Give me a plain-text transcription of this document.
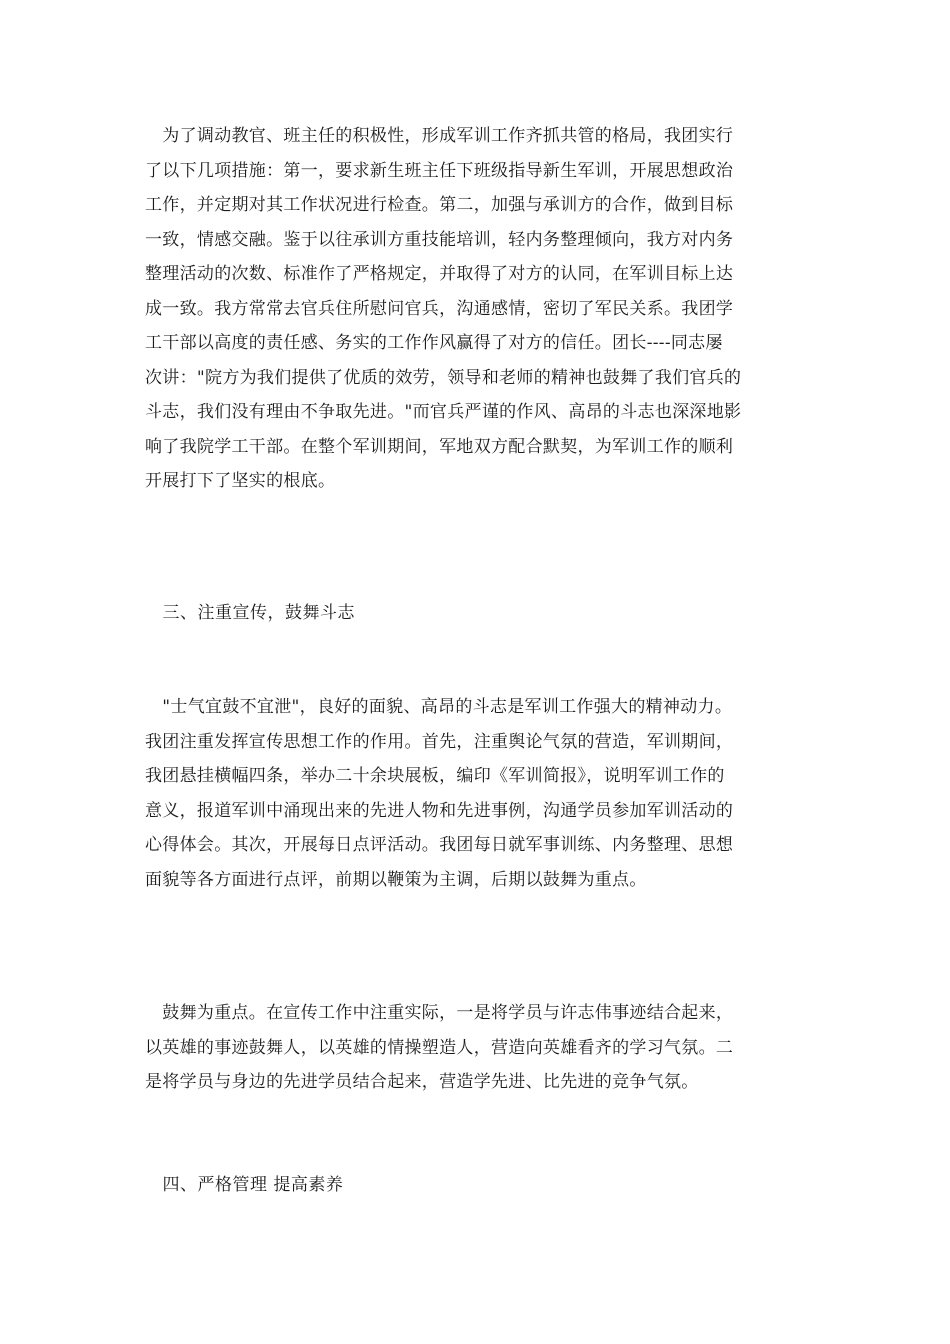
　为了调动教官、班主任的积极性，形成军训工作齐抓共管的格局，我团实行
了以下几项措施：第一，要求新生班主任下班级指导新生军训，开展思想政治
工作，并定期对其工作状况进行检查。第二，加强与承训方的合作，做到目标
一致，情感交融。鉴于以往承训方重技能培训，轻内务整理倾向，我方对内务
整理活动的次数、标准作了严格规定，并取得了对方的认同，在军训目标上达
成一致。我方常常去官兵住所慰问官兵，沟通感情，密切了军民关系。我团学
工干部以高度的责任感、务实的工作作风赢得了对方的信任。团长----同志屡
次讲："院方为我们提供了优质的效劳，领导和老师的精神也鼓舞了我们官兵的
斗志，我们没有理由不争取先进。"而官兵严谨的作风、高昂的斗志也深深地影
响了我院学工干部。在整个军训期间，军地双方配合默契，为军训工作的顺利
开展打下了坚实的根底。
　三、注重宣传，鼓舞斗志
　"士气宜鼓不宜泄"，良好的面貌、高昂的斗志是军训工作强大的精神动力。
我团注重发挥宣传思想工作的作用。首先，注重舆论气氛的营造，军训期间，
我团悬挂横幅四条，举办二十余块展板，编印《军训简报》，说明军训工作的
意义，报道军训中涌现出来的先进人物和先进事例，沟通学员参加军训活动的
心得体会。其次，开展每日点评活动。我团每日就军事训练、内务整理、思想
面貌等各方面进行点评，前期以鞭策为主调，后期以鼓舞为重点。
　鼓舞为重点。在宣传工作中注重实际，一是将学员与许志伟事迹结合起来，
以英雄的事迹鼓舞人，以英雄的情操塑造人，营造向英雄看齐的学习气氛。二
是将学员与身边的先进学员结合起来，营造学先进、比先进的竞争气氛。
　四、严格管理 提高素养
